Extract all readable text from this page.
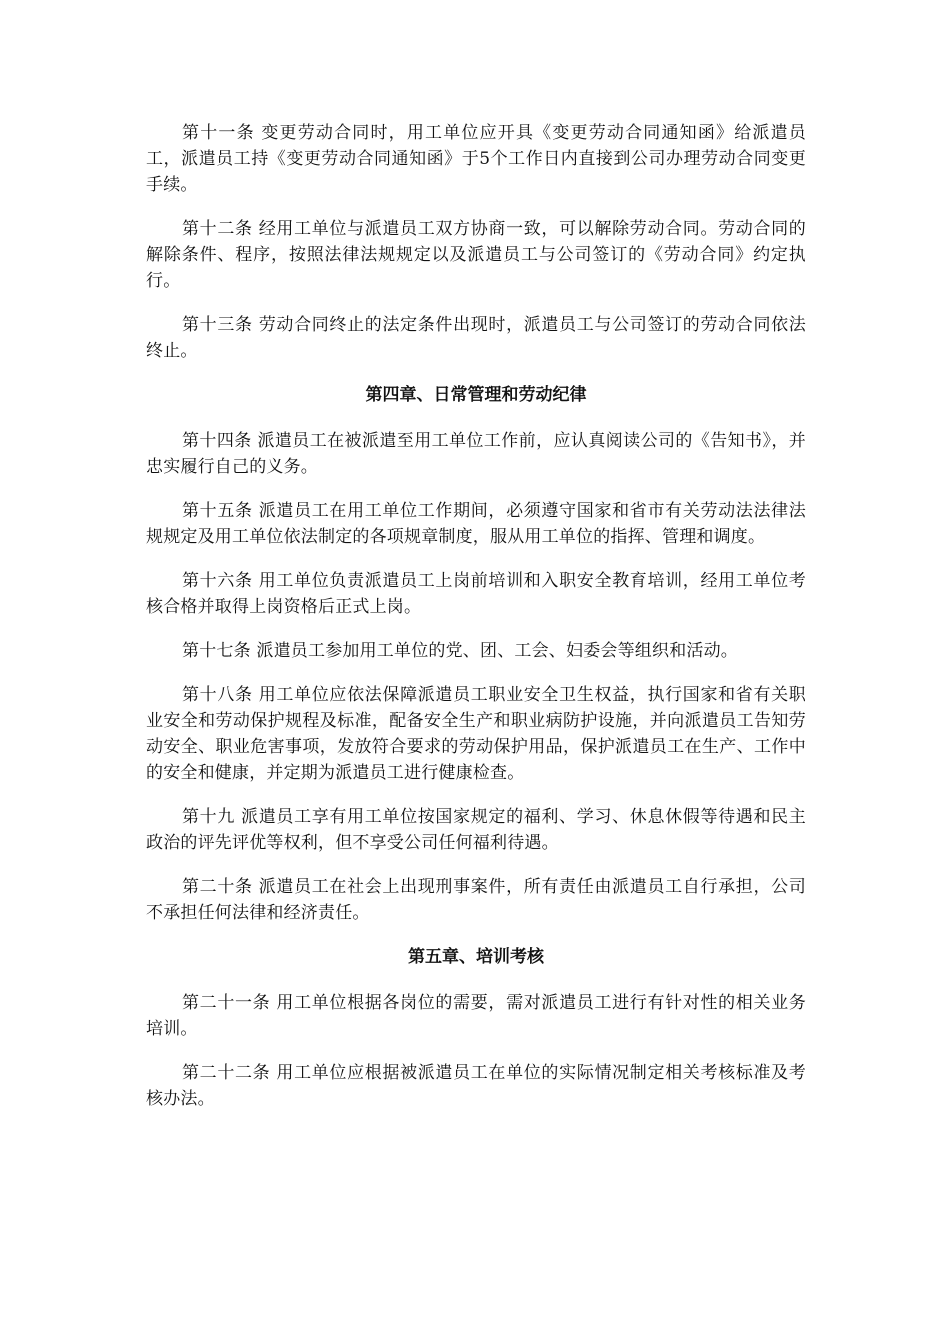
第十一条 变更劳动合同时，用工单位应开具《变更劳动合同通知函》给派遣员工，派遣员工持《变更劳动合同通知函》于5个工作日内直接到公司办理劳动合同变更手续。

第十二条 经用工单位与派遣员工双方协商一致，可以解除劳动合同。劳动合同的解除条件、程序，按照法律法规规定以及派遣员工与公司签订的《劳动合同》约定执行。

第十三条 劳动合同终止的法定条件出现时，派遣员工与公司签订的劳动合同依法终止。

第四章、日常管理和劳动纪律

第十四条 派遣员工在被派遣至用工单位工作前，应认真阅读公司的《告知书》，并忠实履行自己的义务。

第十五条 派遣员工在用工单位工作期间，必须遵守国家和省市有关劳动法法律法规规定及用工单位依法制定的各项规章制度，服从用工单位的指挥、管理和调度。

第十六条 用工单位负责派遣员工上岗前培训和入职安全教育培训，经用工单位考核合格并取得上岗资格后正式上岗。

第十七条 派遣员工参加用工单位的党、团、工会、妇委会等组织和活动。

第十八条 用工单位应依法保障派遣员工职业安全卫生权益，执行国家和省有关职业安全和劳动保护规程及标准，配备安全生产和职业病防护设施，并向派遣员工告知劳动安全、职业危害事项，发放符合要求的劳动保护用品，保护派遣员工在生产、工作中的安全和健康，并定期为派遣员工进行健康检查。

第十九 派遣员工享有用工单位按国家规定的福利、学习、休息休假等待遇和民主政治的评先评优等权利，但不享受公司任何福利待遇。

第二十条 派遣员工在社会上出现刑事案件，所有责任由派遣员工自行承担，公司不承担任何法律和经济责任。

第五章、培训考核

第二十一条 用工单位根据各岗位的需要，需对派遣员工进行有针对性的相关业务培训。

第二十二条 用工单位应根据被派遣员工在单位的实际情况制定相关考核标准及考核办法。
